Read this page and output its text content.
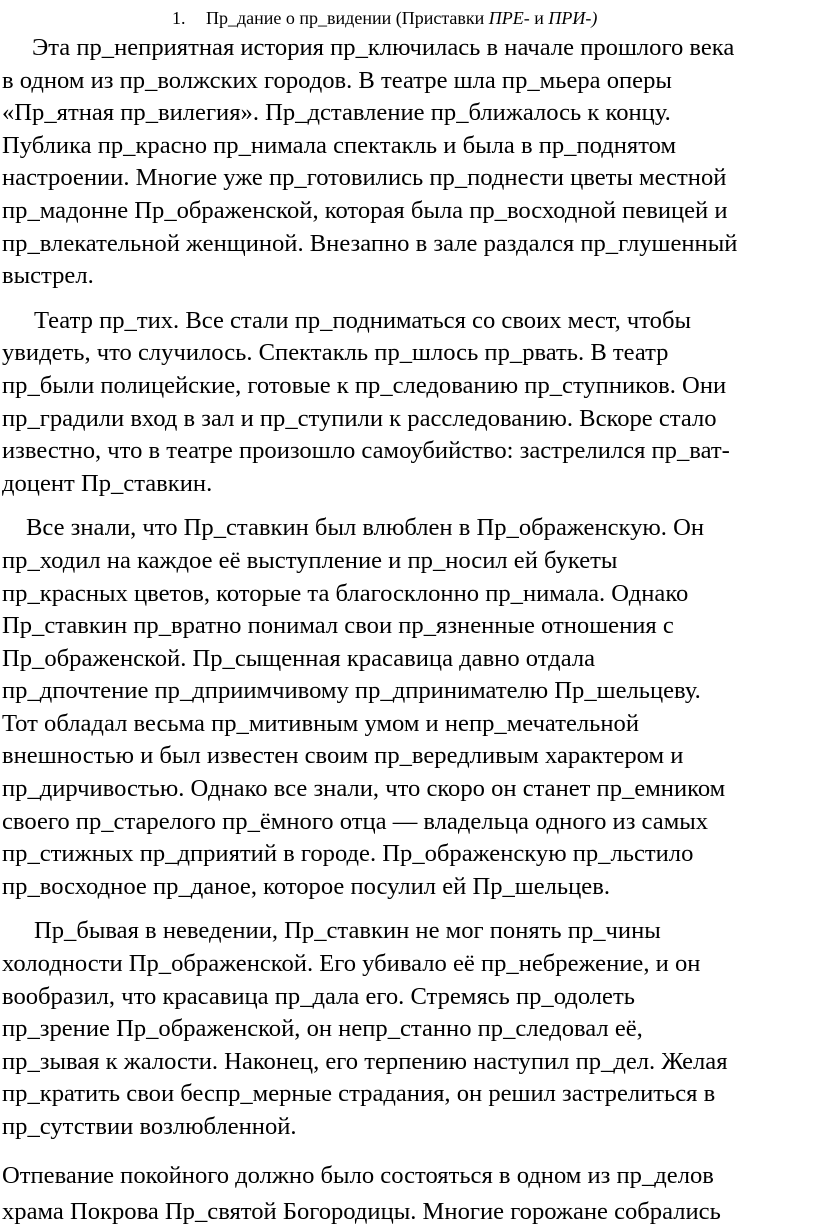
1. Пр_дание о пр_видении (Приставки ПРЕ- и ПРИ-)
Эта пр_неприятная история пр_ключилась в начале прошлого века
в одном из пр_волжских городов. В театре шла пр_мьера оперы
«Пр_ятная пр_вилегия». Пр_дставление пр_ближалось к концу.
Публика пр_красно пр_нимала спектакль и была в пр_поднятом
настроении. Многие уже пр_готовились пр_поднести цветы местной
пр_мадонне Пр_ображенской, которая была пр_восходной певицей и
пр_влекательной женщиной. Внезапно в зале раздался пр_глушенный
выстрел.
Театр пр_тих. Все стали пр_подниматься со своих мест, чтобы
увидеть, что случилось. Спектакль пр_шлось пр_рвать. В театр
пр_были полицейские, готовые к пр_следованию пр_ступников. Они
пр_градили вход в зал и пр_ступили к расследованию. Вскоре стало
известно, что в театре произошло самоубийство: застрелился пр_ват-
доцент Пр_ставкин.
Все знали, что Пр_ставкин был влюблен в Пр_ображенскую. Он
пр_ходил на каждое её выступление и пр_носил ей букеты
пр_красных цветов, которые та благосклонно пр_нимала. Однако
Пр_ставкин пр_вратно понимал свои пр_язненные отношения с
Пр_ображенской. Пр_сыщенная красавица давно отдала
пр_дпочтение пр_дприимчивому пр_дпринимателю Пр_шельцеву.
Тот обладал весьма пр_митивным умом и непр_мечательной
внешностью и был известен своим пр_вередливым характером и
пр_дирчивостью. Однако все знали, что скоро он станет пр_емником
своего пр_старелого пр_ёмного отца — владельца одного из самых
пр_стижных пр_дприятий в городе. Пр_ображенскую пр_льстило
пр_восходное пр_даное, которое посулил ей Пр_шельцев.
Пр_бывая в неведении, Пр_ставкин не мог понять пр_чины
холодности Пр_ображенской. Его убивало её пр_небрежение, и он
вообразил, что красавица пр_дала его. Стремясь пр_одолеть
пр_зрение Пр_ображенской, он непр_станно пр_следовал её,
пр_зывая к жалости. Наконец, его терпению наступил пр_дел. Желая
пр_кратить свои беспр_мерные страдания, он решил застрелиться в
пр_сутствии возлюбленной.
Отпевание покойного должно было состояться в одном из пр_делов
храма Покрова Пр_святой Богородицы. Многие горожане собрались
